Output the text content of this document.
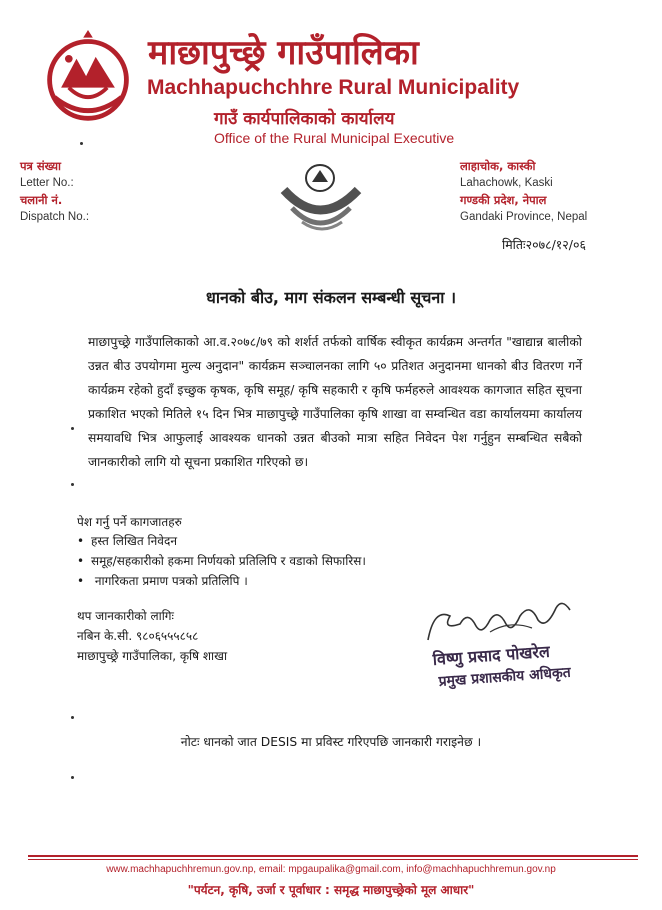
माछापुच्छ्रे गाउँपालिका
Machhapuchchhre Rural Municipality
गाउँ कार्यपालिकाको कार्यालय
Office of the Rural Municipal Executive
पत्र संख्या
Letter No.:
चलानी नं.
Dispatch No.:
लाहाचोक, कास्की
Lahachowk, Kaski
गण्डकी प्रदेश, नेपाल
Gandaki Province, Nepal
मितिः२०७८/१२/०६
धानको बीउ, माग संकलन सम्बन्धी सूचना ।
माछापुच्छ्रे गाउँपालिकाको आ.व.२०७८/७९ को शर्शर्त तर्फको वार्षिक स्वीकृत कार्यक्रम अन्तर्गत "खाद्यान्न बालीको उन्नत बीउ उपयोगमा मुल्य अनुदान" कार्यक्रम सञ्चालनका लागि ५० प्रतिशत अनुदानमा धानको बीउ वितरण गर्ने कार्यक्रम रहेको हुदाँ इच्छुक कृषक, कृषि समूह/ कृषि सहकारी र कृषि फर्महरुले आवश्यक कागजात सहित सूचना प्रकाशित भएको मितिले १५ दिन भित्र माछापुच्छ्रे गाउँपालिका कृषि शाखा वा सम्वन्धित वडा कार्यालयमा कार्यालय समयावधि भित्र आफुलाई आवश्यक धानको उन्नत बीउको मात्रा सहित निवेदन पेश गर्नुहुन सम्बन्धित सबैको जानकारीको लागि यो सूचना प्रकाशित गरिएको छ।
पेश गर्नु पर्ने कागजातहरु
• हस्त लिखित निवेदन
• समूह/सहकारीको हकमा निर्णयको प्रतिलिपि र वडाको सिफारिस।
• नागरिकता प्रमाण पत्रको प्रतिलिपि ।
थप जानकारीको लागिः
नबिन के.सी. ९८०६५५५८५८
माछापुच्छ्रे गाउँपालिका, कृषि शाखा	विष्णु प्रसाद पोखरेल
प्रमुख प्रशासकीय अधिकृत
नोटः धानको जात DESIS मा प्रविस्ट गरिएपछि जानकारी गराइनेछ ।
www.machhapuchhremun.gov.np, email: mpgaupalika@gmail.com, info@machhapuchhremun.gov.np
"पर्यटन, कृषि, उर्जा र पूर्वाधार : समृद्ध माछापुच्छ्रेको मूल आधार"
